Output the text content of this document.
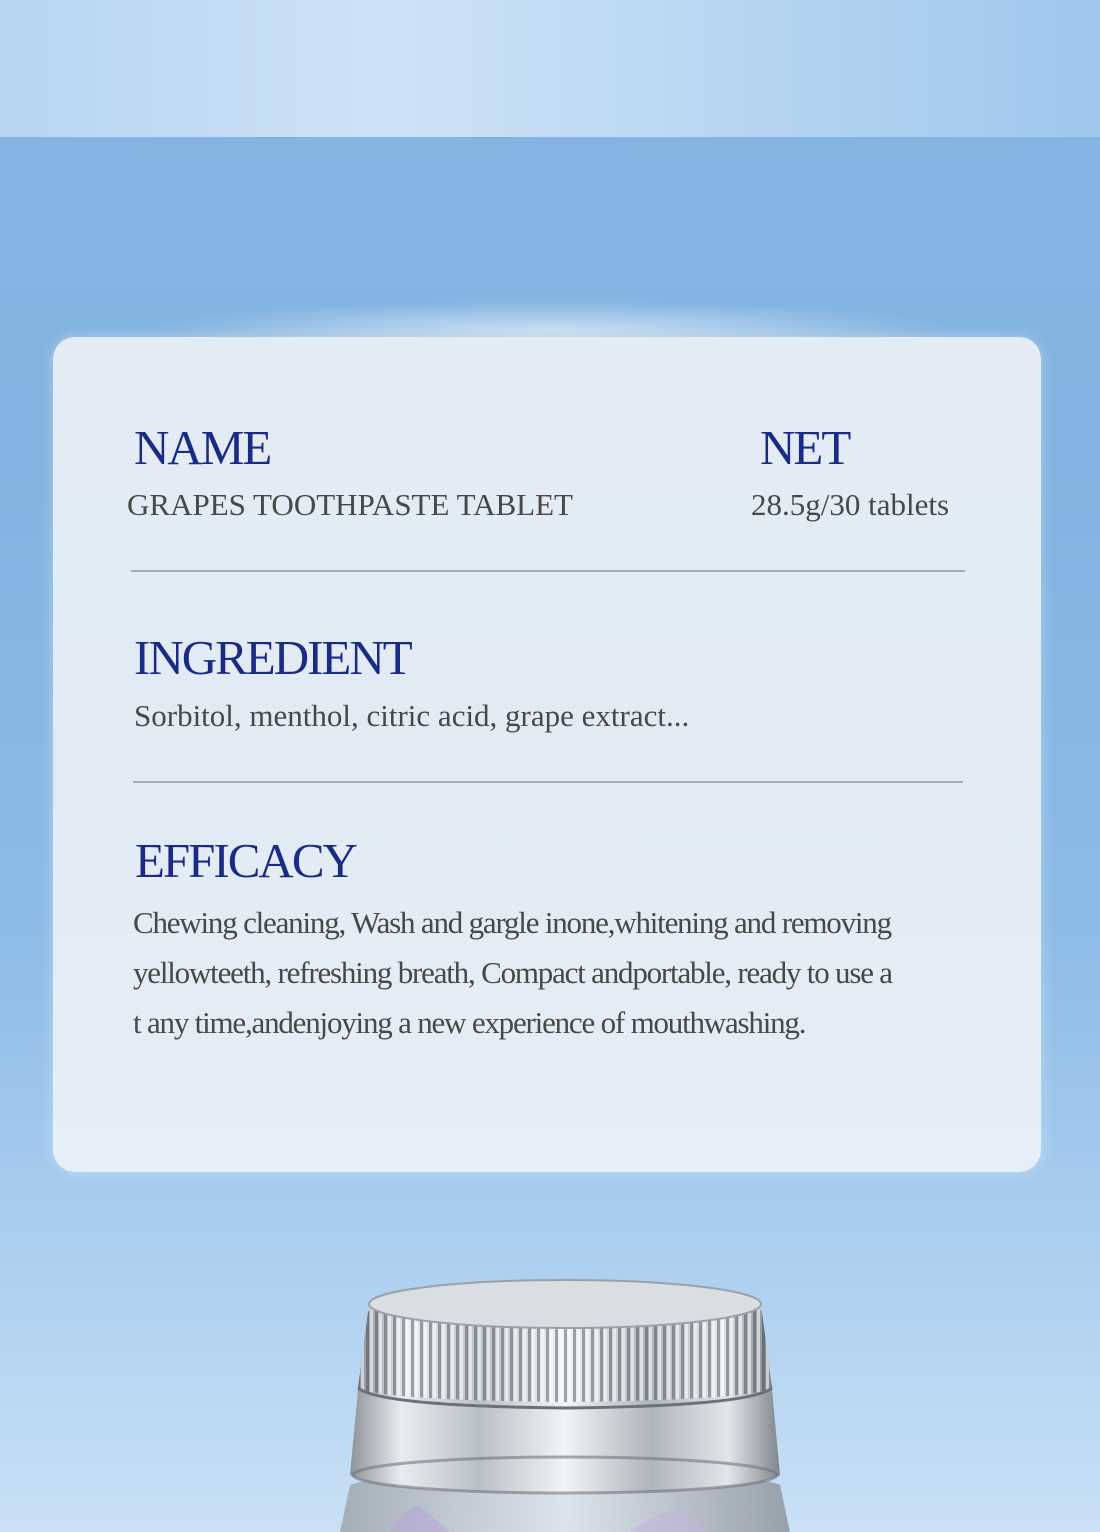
NAME

GRAPES TOOTHPASTE TABLET

NET

28.5g/30 tablets

INGREDIENT

Sorbitol, menthol, citric acid, grape extract...

EFFICACY

Chewing cleaning, Wash and gargle inone,whitening and removing
yellowteeth, refreshing breath, Compact andportable, ready to use a
t any time,andenjoying a new experience of mouthwashing.
